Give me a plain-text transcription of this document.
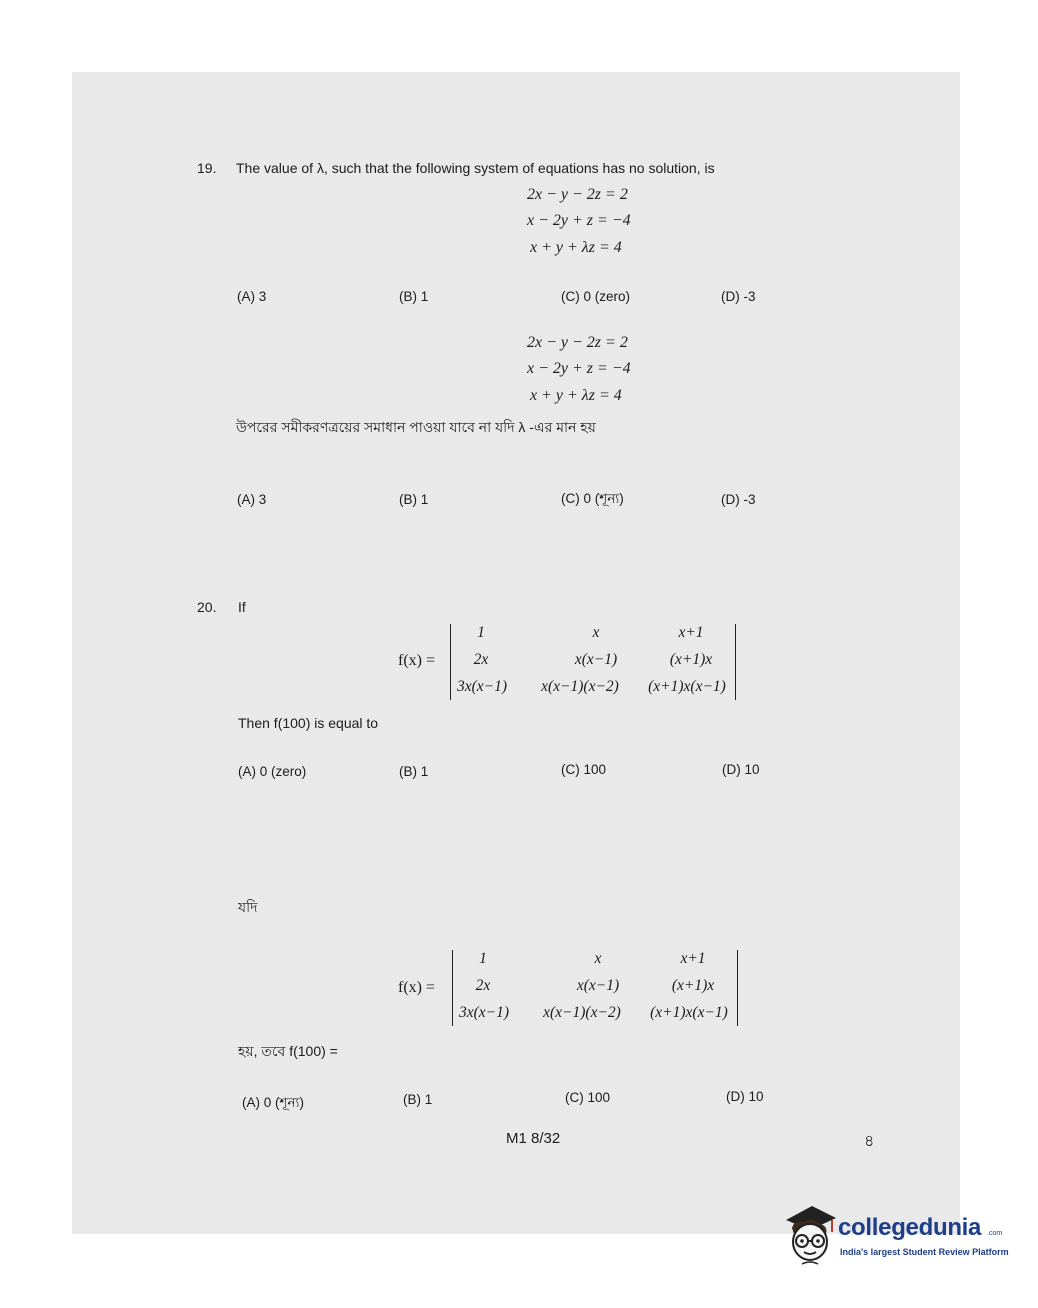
19. The value of λ, such that the following system of equations has no solution, is
2x − y − 2z = 2
x − 2y + z = −4
x + y + λz = 4
(A) 3	(B) 1	(C) 0 (zero)	(D) -3
2x − y − 2z = 2
x − 2y + z = −4
x + y + λz = 4
উপরের সমীকরণত্রয়ের সমাধান পাওয়া যাবে না যদি λ -এর মান হয়
(A) 3	(B) 1	(C) 0 (শূন্য)	(D) -3
20. If
f(x) =
1	x	x+1
2x	x(x−1)	(x+1)x
3x(x−1)	x(x−1)(x−2)	(x+1)x(x−1)
Then f(100) is equal to
(A) 0 (zero)	(B) 1	(C) 100	(D) 10
যদি
f(x) =
1	x	x+1
2x	x(x−1)	(x+1)x
3x(x−1)	x(x−1)(x−2)	(x+1)x(x−1)
হয়, তবে f(100) =
(A) 0 (শূন্য)	(B) 1	(C) 100	(D) 10
M1 8/32	৪
collegedunia .com
India's largest Student Review Platform
